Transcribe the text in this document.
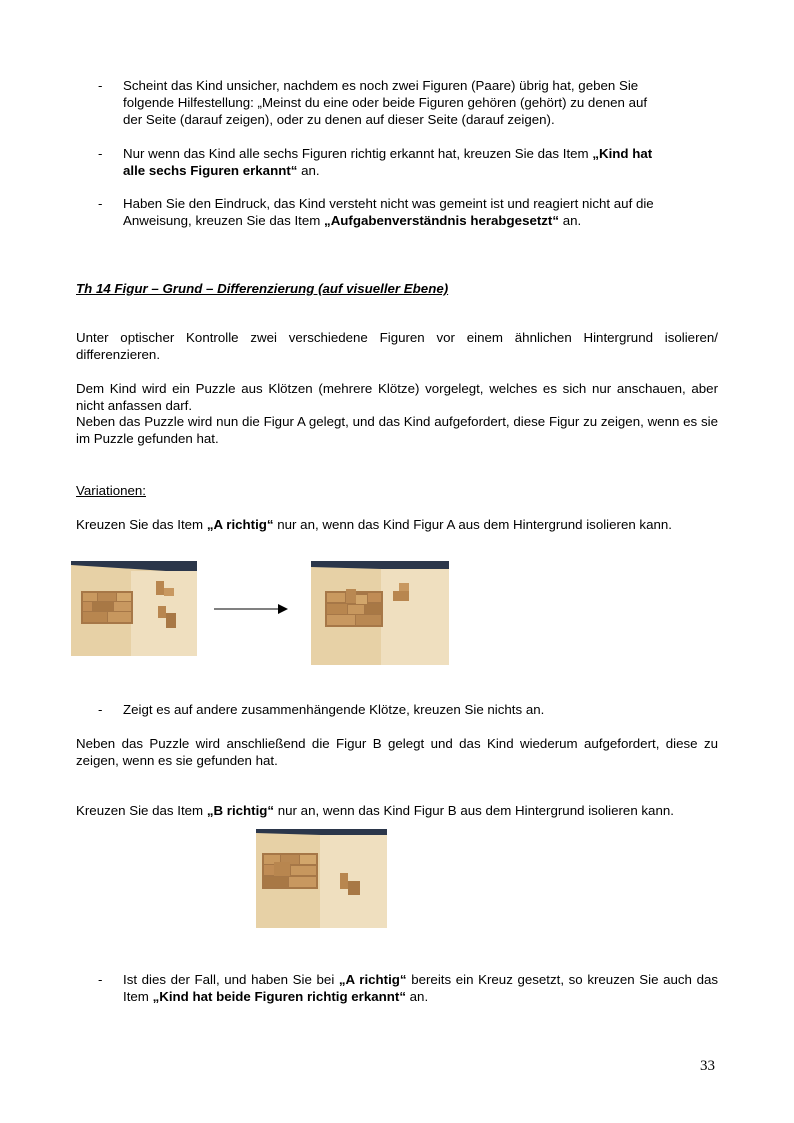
- Scheint das Kind unsicher, nachdem es noch zwei Figuren (Paare) übrig hat, geben Sie
folgende Hilfestellung: „Meinst du eine oder beide Figuren gehören (gehört) zu denen auf
der Seite (darauf zeigen), oder zu denen auf dieser Seite (darauf zeigen).
- Nur wenn das Kind alle sechs Figuren richtig erkannt hat, kreuzen Sie das Item „Kind hat
alle sechs Figuren erkannt“ an.
- Haben Sie den Eindruck, das Kind versteht nicht was gemeint ist und reagiert nicht auf die
Anweisung, kreuzen Sie das Item „Aufgabenverständnis herabgesetzt“ an.
Th 14 Figur – Grund – Differenzierung (auf visueller Ebene)
Unter optischer Kontrolle zwei verschiedene Figuren vor einem ähnlichen Hintergrund isolieren/ differenzieren.
Dem Kind wird ein Puzzle aus Klötzen (mehrere Klötze) vorgelegt, welches es sich nur anschauen, aber nicht anfassen darf.
Neben das Puzzle wird nun die Figur A gelegt, und das Kind aufgefordert, diese Figur zu zeigen, wenn es sie im Puzzle gefunden hat.
Variationen:
Kreuzen Sie das Item „A richtig“ nur an, wenn das Kind Figur A aus dem Hintergrund isolieren kann.
- Zeigt es auf andere zusammenhängende Klötze, kreuzen Sie nichts an.
Neben das Puzzle wird anschließend die Figur B gelegt und das Kind wiederum aufgefordert, diese zu zeigen, wenn es sie gefunden hat.
Kreuzen Sie das Item „B richtig“ nur an, wenn das Kind Figur B aus dem Hintergrund isolieren kann.
- Ist dies der Fall, und haben Sie bei „A richtig“ bereits ein Kreuz gesetzt, so kreuzen Sie auch das Item „Kind hat beide Figuren richtig erkannt“ an.
33
